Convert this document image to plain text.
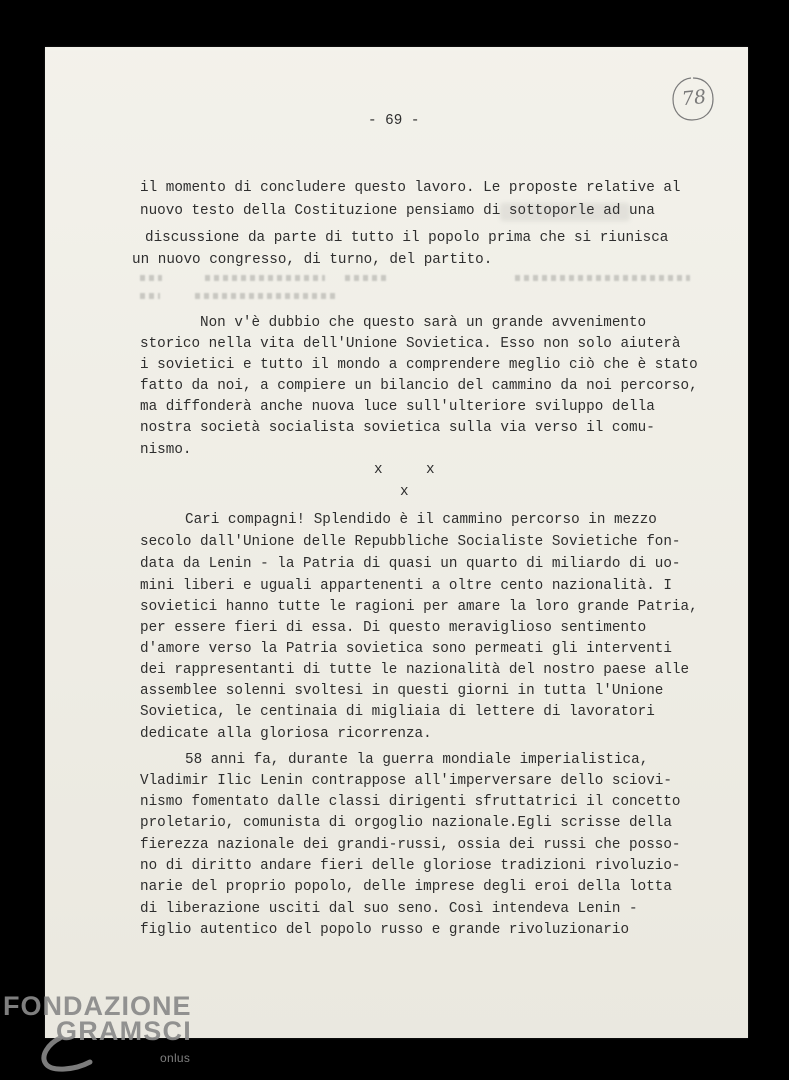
- 69 -
78
il momento di concludere questo lavoro. Le proposte relative al
nuovo testo della Costituzione pensiamo di sottoporle ad una
discussione da parte di tutto il popolo prima che si riunisca
un nuovo congresso, di turno, del partito.
Non v'è dubbio che questo sarà un grande avvenimento
storico nella vita dell'Unione Sovietica. Esso non solo aiuterà
i sovietici e tutto il mondo a comprendere meglio ciò che è stato
fatto da noi, a compiere un bilancio del cammino da noi percorso,
ma diffonderà anche nuova luce sull'ulteriore sviluppo della
nostra società socialista sovietica sulla via verso il comu-
nismo.
x	x
x
Cari compagni! Splendido è il cammino percorso in mezzo
secolo dall'Unione delle Repubbliche Socialiste Sovietiche fon-
data da Lenin - la Patria di quasi un quarto di miliardo di uo-
mini liberi e uguali appartenenti a oltre cento nazionalità. I
sovietici hanno tutte le ragioni per amare la loro grande Patria,
per essere fieri di essa. Di questo meraviglioso sentimento
d'amore verso la Patria sovietica sono permeati gli interventi
dei rappresentanti di tutte le nazionalità del nostro paese alle
assemblee solenni svoltesi in questi giorni in tutta l'Unione
Sovietica, le centinaia di migliaia di lettere di lavoratori
dedicate alla gloriosa ricorrenza.
58 anni fa, durante la guerra mondiale imperialistica,
Vladimir Ilic Lenin contrappose all'imperversare dello sciovi-
nismo fomentato dalle classi dirigenti sfruttatrici il concetto
proletario, comunista di orgoglio nazionale.Egli scrisse della
fierezza nazionale dei grandi-russi, ossia dei russi che posso-
no di diritto andare fieri delle gloriose tradizioni rivoluzio-
narie del proprio popolo, delle imprese degli eroi della lotta
di liberazione usciti dal suo seno. Così intendeva Lenin -
figlio autentico del popolo russo e grande rivoluzionario
FONDAZIONE
GRAMSCI
onlus
